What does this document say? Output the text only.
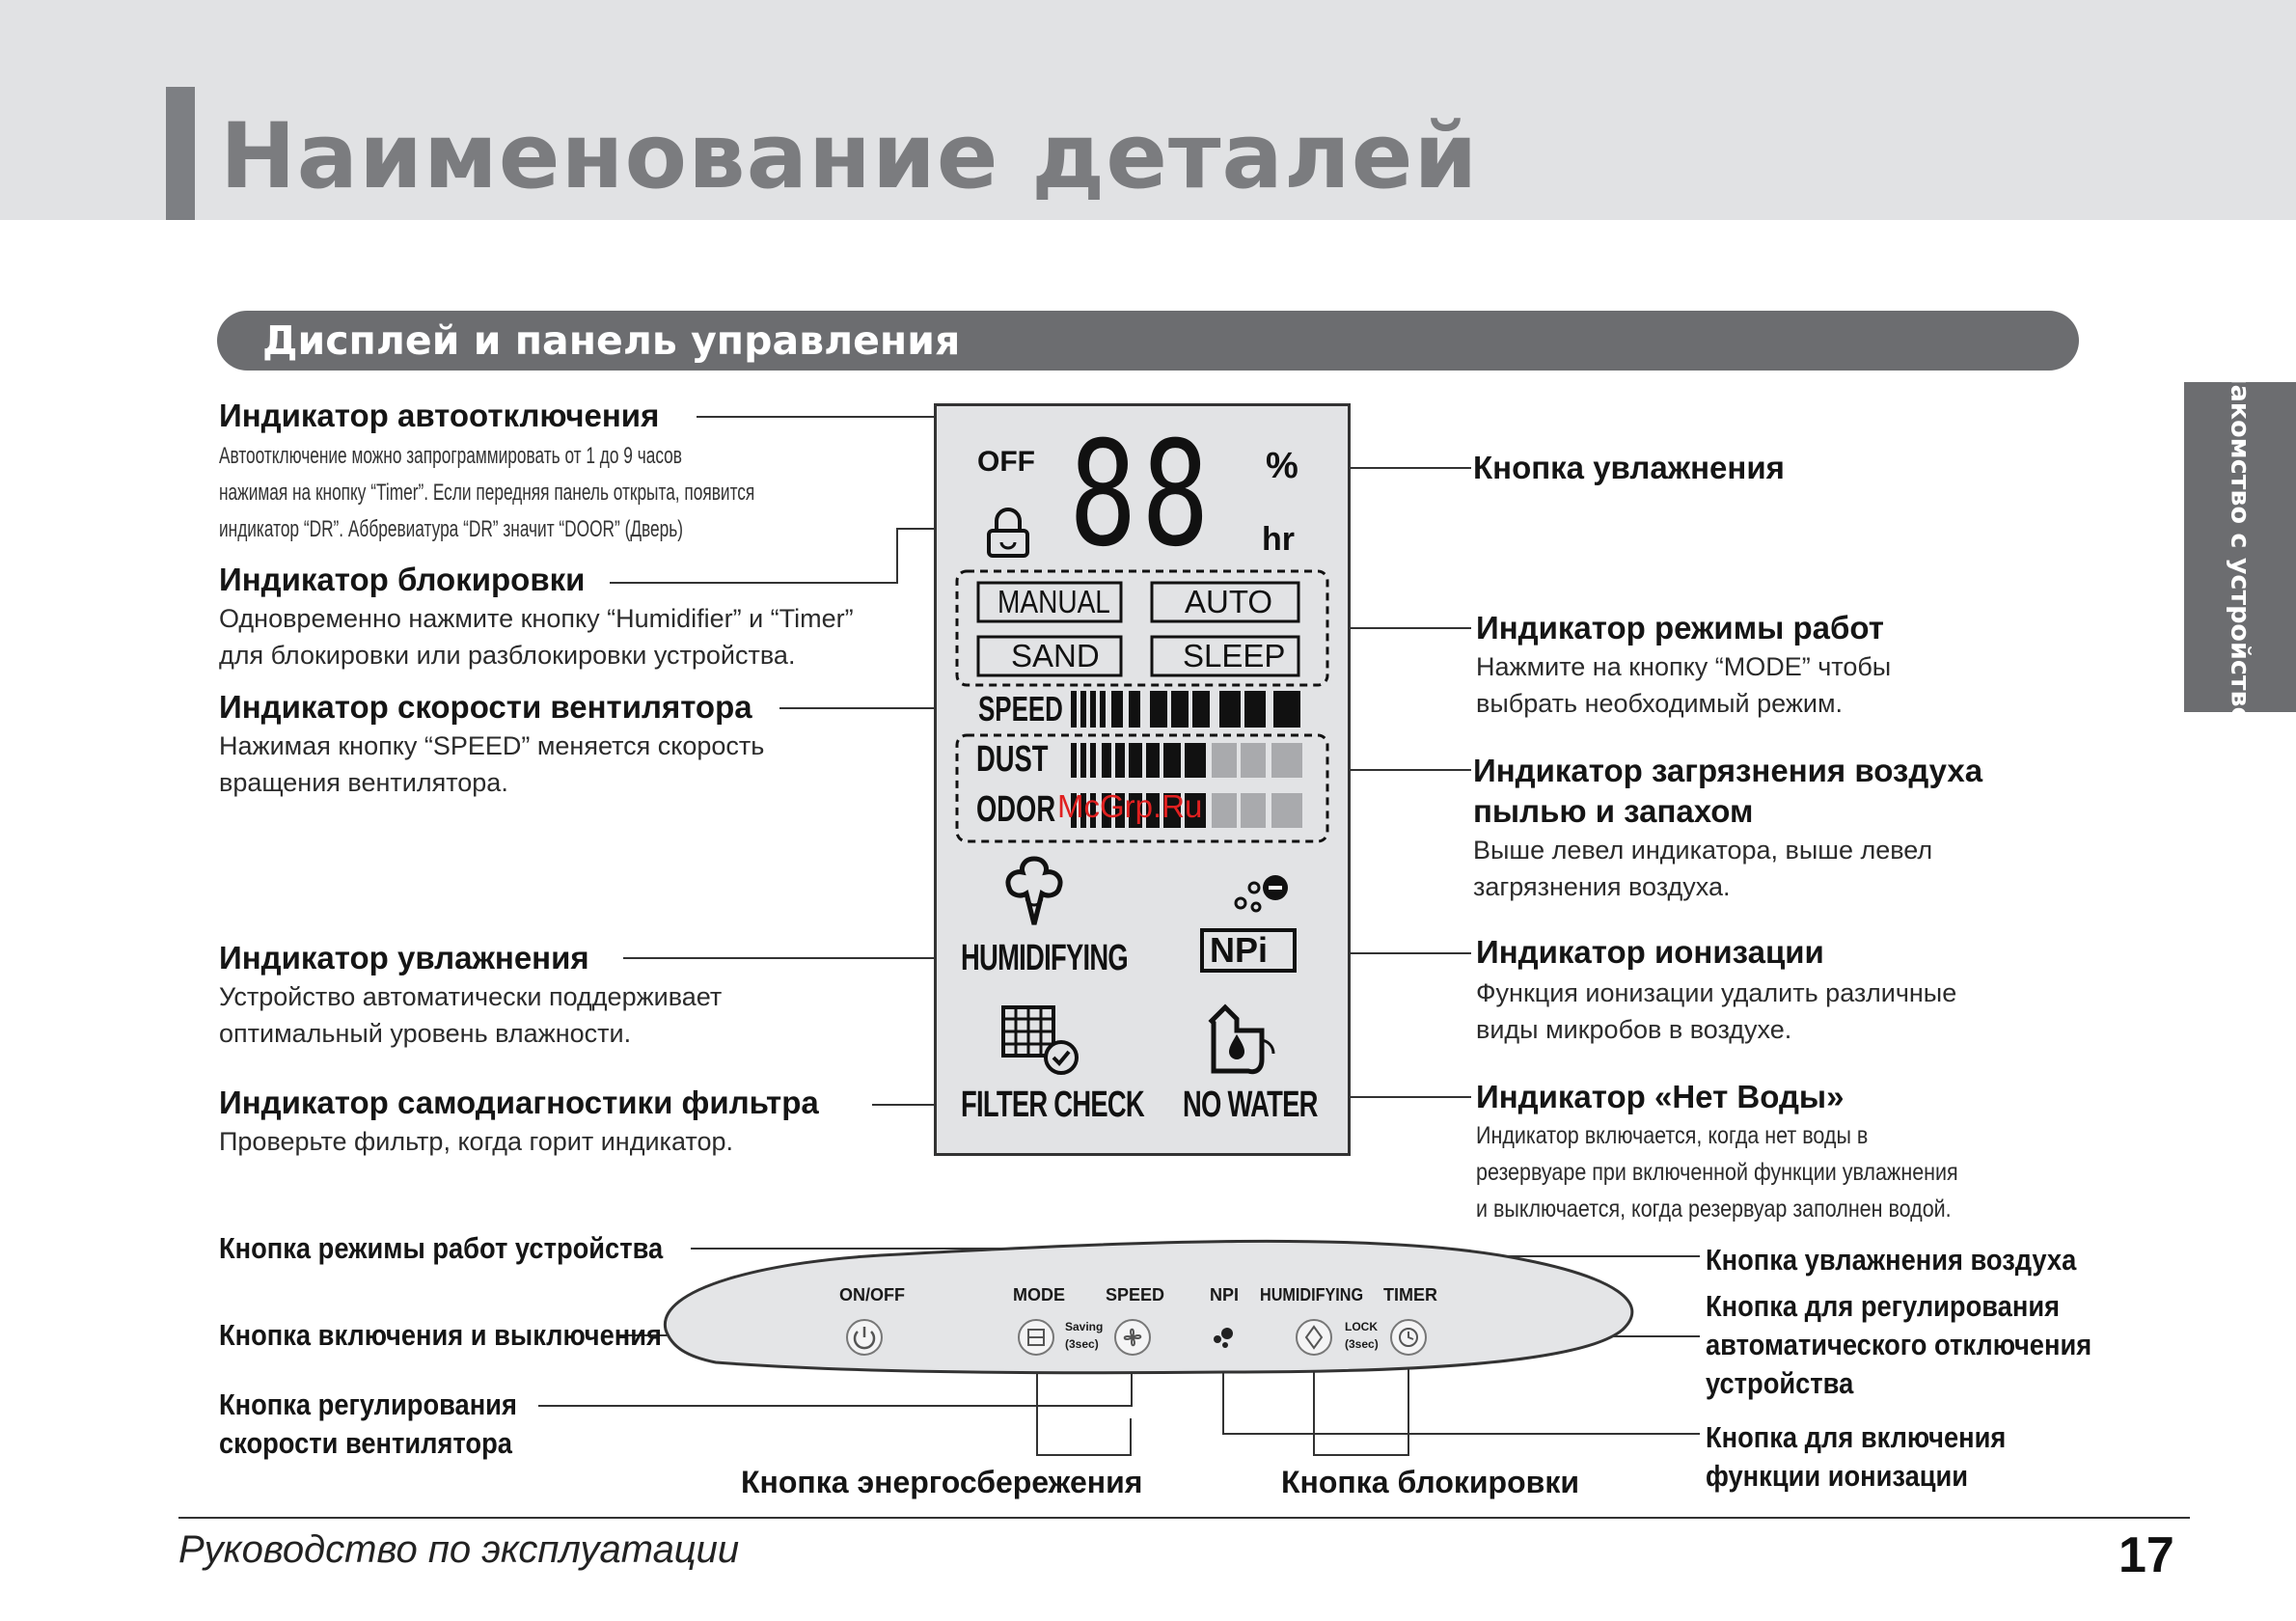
Наименование деталей
Дисплей и панель управления
Знакомство с устройством
Индикатор автоотключения
Автоотключение можно запрограммировать от 1 до 9 часов
нажимая на кнопку “Timer”. Если передняя панель открыта, появится
индикатор “DR”. Аббревиатура “DR” значит “DOOR” (Дверь)
Индикатор блокировки
Одновременно нажмите кнопку “Humidifier” и “Timer”
для блокировки или разблокировки устройства.
Индикатор скорости вентилятора
Нажимая кнопку “SPEED” меняется скорость
вращения вентилятора.
Индикатор увлажнения
Устройство автоматически поддерживает
оптимальный уровень влажности.
Индикатор самодиагностики фильтра
Проверьте фильтр, когда горит индикатор.
Кнопка увлажнения
Индикатор режимы работ
Нажмите на кнопку “MODE” чтобы
выбрать необходимый режим.
Индикатор загрязнения воздуха
пылью и запахом
Выше левел индикатора, выше левел
загрязнения воздуха.
Индикатор ионизации
Функция ионизации удалить различные
виды микробов в воздухе.
Индикатор «Нет Воды»
Индикатор включается, когда нет воды в
резервуаре при включенной функции увлажнения
и выключается, когда резервуар заполнен водой.
OFF 88 %
hr
MANUAL AUTO
SAND	SLEEP
SPEED
DUST
ODOR McGrp.Ru
HUMIDIFYING NPi
FILTER CHECK NO WATER
ON/OFF	MODE SPEED	NPI HUMIDIFYING TIMER
Saving
(3sec)
LOCK
(3sec)
Кнопка режимы работ устройства
Кнопка включения и выключения
Кнопка регулирования
скорости вентилятора
Кнопка увлажнения воздуха
Кнопка для регулирования
автоматического отключения
устройства
Кнопка для включения
функции ионизации
Кнопка энергосбережения	Кнопка блокировки
Руководство по эксплуатации	17
